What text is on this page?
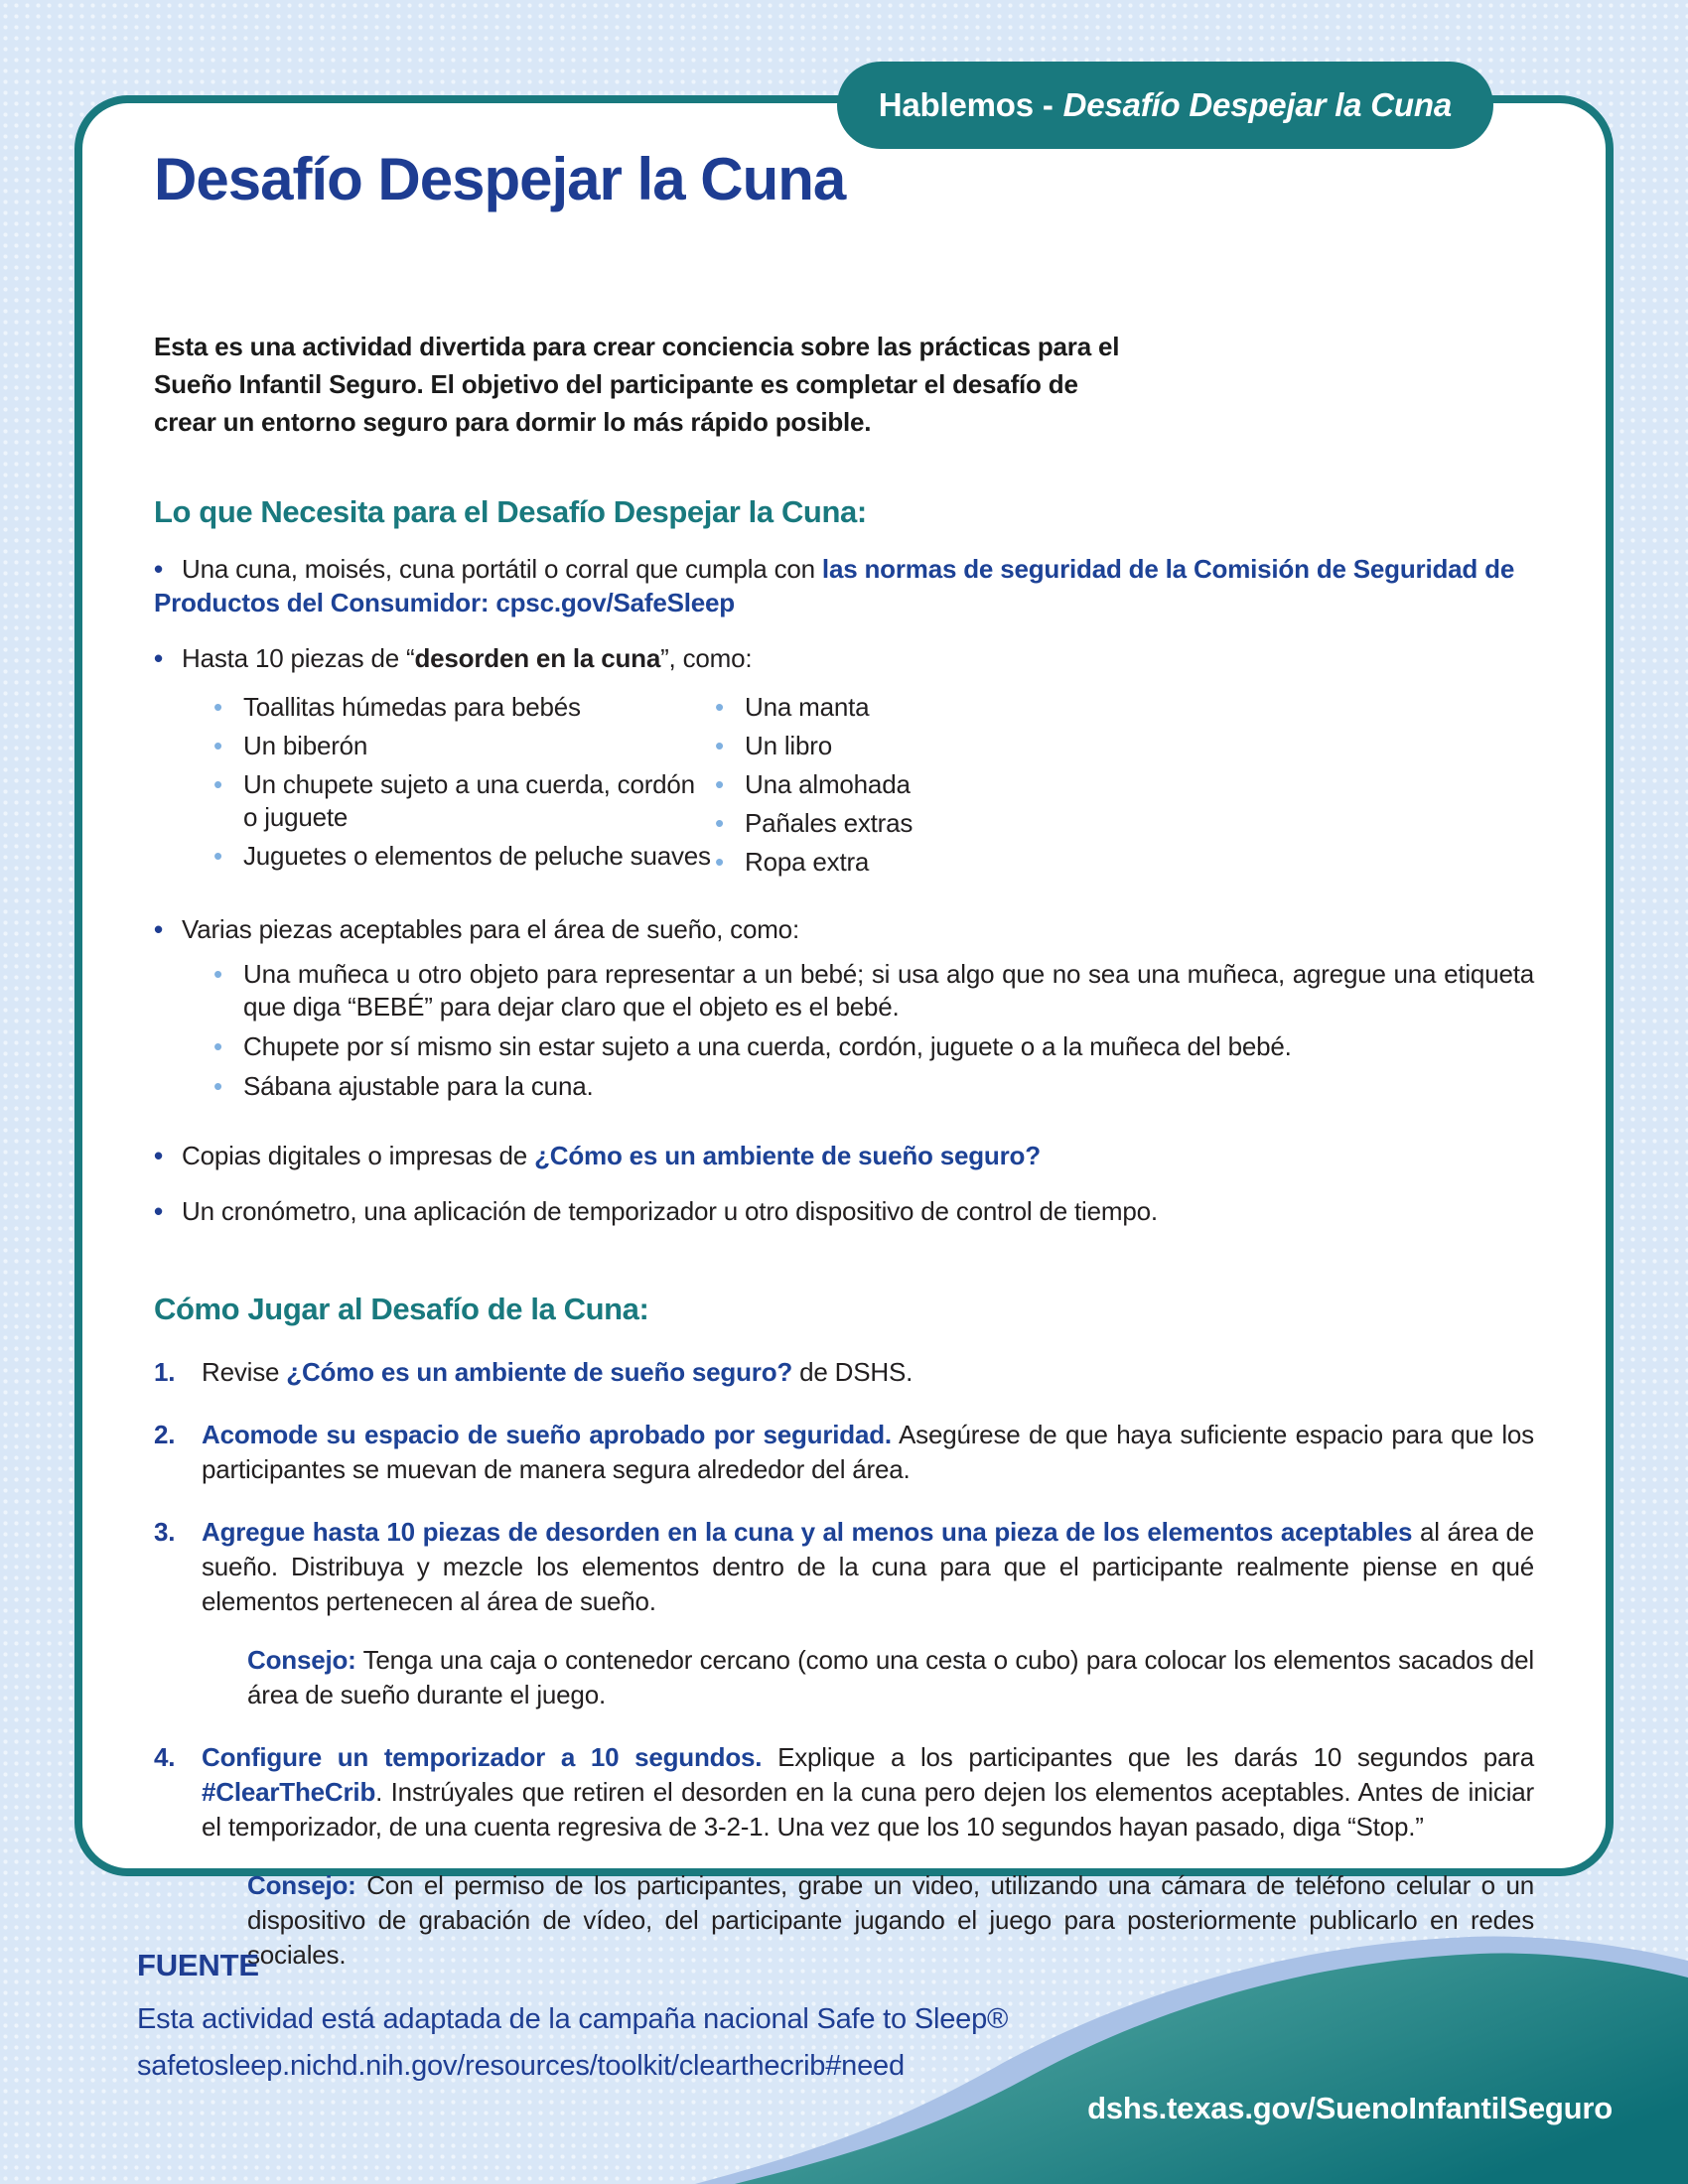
Hablemos - Desafío Despejar la Cuna
Desafío Despejar la Cuna

Esta es una actividad divertida para crear conciencia sobre las prácticas para el Sueño Infantil Seguro. El objetivo del participante es completar el desafío de crear un entorno seguro para dormir lo más rápido posible.

Lo que Necesita para el Desafío Despejar la Cuna:
•Una cuna, moisés, cuna portátil o corral que cumpla con las normas de seguridad de la Comisión de Seguridad de Productos del Consumidor: cpsc.gov/SafeSleep
•Hasta 10 piezas de “desorden en la cuna”, como:
•
Toallitas húmedas para bebés
•
Un biberón
•
Un chupete sujeto a una cuerda, cordón o juguete
•
Juguetes o elementos de peluche suaves
•
Una manta
•
Un libro
•
Una almohada
•
Pañales extras
•
Ropa extra
•Varias piezas aceptables para el área de sueño, como:
•
Una muñeca u otro objeto para representar a un bebé; si usa algo que no sea una muñeca, agregue una etiqueta que diga “BEBÉ” para dejar claro que el objeto es el bebé.
•
Chupete por sí mismo sin estar sujeto a una cuerda, cordón, juguete o a la muñeca del bebé.
•
Sábana ajustable para la cuna.
•Copias digitales o impresas de ¿Cómo es un ambiente de sueño seguro?
•Un cronómetro, una aplicación de temporizador u otro dispositivo de control de tiempo.
Cómo Jugar al Desafío de la Cuna:
1.	Revise ¿Cómo es un ambiente de sueño seguro? de DSHS.
2.	Acomode su espacio de sueño aprobado por seguridad. Asegúrese de que haya suficiente espacio para que los participantes se muevan de manera segura alrededor del área.
3.	Agregue hasta 10 piezas de desorden en la cuna y al menos una pieza de los elementos aceptables al área de sueño. Distribuya y mezcle los elementos dentro de la cuna para que el participante realmente piense en qué elementos pertenecen al área de sueño.
Consejo: Tenga una caja o contenedor cercano (como una cesta o cubo) para colocar los elementos sacados del área de sueño durante el juego.
4.	Configure un temporizador a 10 segundos. Explique a los participantes que les darás 10 segundos para #ClearTheCrib. Instrúyales que retiren el desorden en la cuna pero dejen los elementos aceptables. Antes de iniciar el temporizador, de una cuenta regresiva de 3-2-1. Una vez que los 10 segundos hayan pasado, diga “Stop.”
Consejo: Con el permiso de los participantes, grabe un video, utilizando una cámara de teléfono celular o un dispositivo de grabación de vídeo, del participante jugando el juego para posteriormente publicarlo en redes sociales.
FUENTE
Esta actividad está adaptada de la campaña nacional Safe to Sleep®
safetosleep.nichd.nih.gov/resources/toolkit/clearthecrib#need
dshs.texas.gov/SuenoInfantilSeguro
